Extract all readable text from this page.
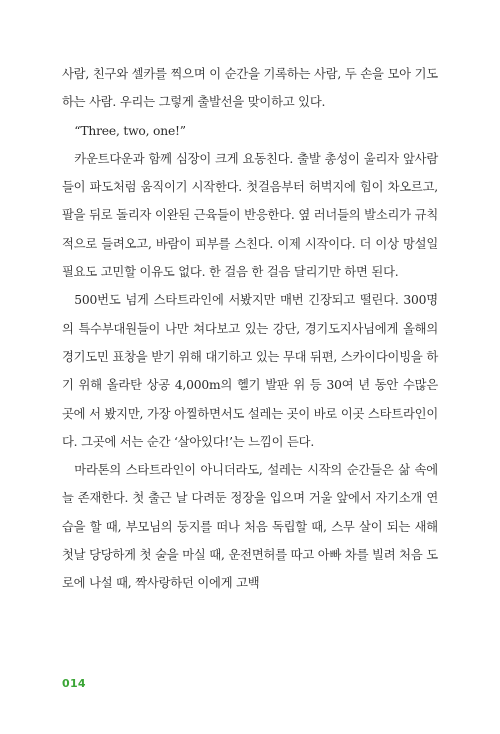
사람, 친구와 셀카를 찍으며 이 순간을 기록하는 사람, 두 손을 모아 기도하는 사람. 우리는 그렇게 출발선을 맞이하고 있다.

“Three, two, one!”

카운트다운과 함께 심장이 크게 요동친다. 출발 총성이 울리자 앞사람들이 파도처럼 움직이기 시작한다. 첫걸음부터 허벅지에 힘이 차오르고, 팔을 뒤로 돌리자 이완된 근육들이 반응한다. 옆 러너들의 발소리가 규칙적으로 들려오고, 바람이 피부를 스친다. 이제 시작이다. 더 이상 망설일 필요도 고민할 이유도 없다. 한 걸음 한 걸음 달리기만 하면 된다.

500번도 넘게 스타트라인에 서봤지만 매번 긴장되고 떨린다. 300명의 특수부대원들이 나만 쳐다보고 있는 강단, 경기도지사님에게 올해의 경기도민 표창을 받기 위해 대기하고 있는 무대 뒤편, 스카이다이빙을 하기 위해 올라탄 상공 4,000m의 헬기 발판 위 등 30여 년 동안 수많은 곳에 서 봤지만, 가장 아찔하면서도 설레는 곳이 바로 이곳 스타트라인이다. 그곳에 서는 순간 ‘살아있다!’는 느낌이 든다.

마라톤의 스타트라인이 아니더라도, 설레는 시작의 순간들은 삶 속에 늘 존재한다. 첫 출근 날 다려둔 정장을 입으며 거울 앞에서 자기소개 연습을 할 때, 부모님의 둥지를 떠나 처음 독립할 때, 스무 살이 되는 새해 첫날 당당하게 첫 술을 마실 때, 운전면허를 따고 아빠 차를 빌려 처음 도로에 나설 때, 짝사랑하던 이에게 고백

014
